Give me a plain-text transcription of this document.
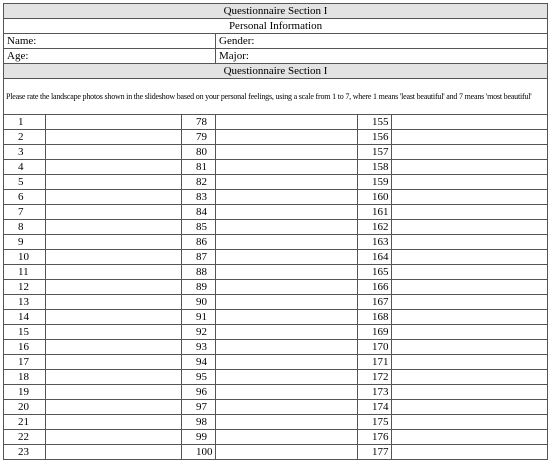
Questionnaire Section I					
Personal Information					
Name:			Gender:		
Age:			Major:		
Questionnaire Section I					
Please rate the landscape photos shown in the slideshow based on your personal feelings, using a scale from 1 to 7, where 1 means 'least beautiful' and 7 means 'most beautiful'					
1		78		155	
2		79		156	
3		80		157	
4		81		158	
5		82		159	
6		83		160	
7		84		161	
8		85		162	
9		86		163	
10		87		164	
11		88		165	
12		89		166	
13		90		167	
14		91		168	
15		92		169	
16		93		170	
17		94		171	
18		95		172	
19		96		173	
20		97		174	
21		98		175	
22		99		176	
23		100		177	
